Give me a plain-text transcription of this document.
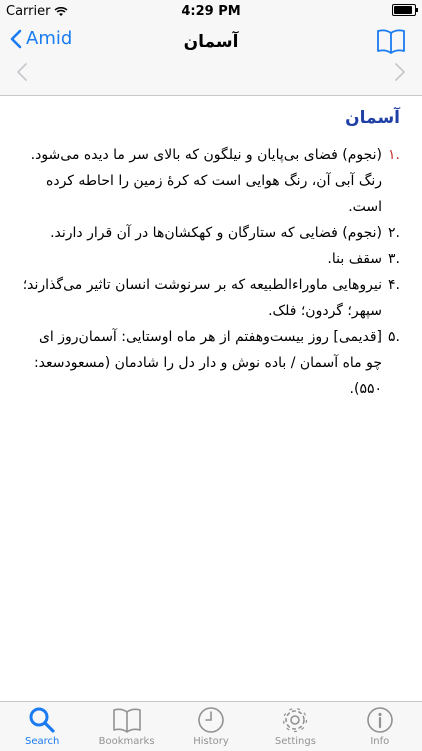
Carrier	4:29 PM
Amid	آسمان
آسمان
.۱
(نجوم) فضای بی‌پایان و نیلگون که بالای سر ما دیده می‌شود. رنگ آبی آن، رنگ هوایی است که کرهٔ زمین را احاطه کرده است.
.۲
(نجوم) فضایی که ستارگان و کهکشان‌ها در آن قرار دارند.
.۳
سقف بنا.
.۴
نیروهایی ماوراءالطبیعه که بر سرنوشت انسان تاثیر می‌گذارند؛ سپهر؛ گردون؛ فلک.
.۵
[قدیمی] روز بیست‌وهفتم از هر ماه اوستایی: آسمان‌روز ای چو ماه آسمان / باده نوش و دار دل را شادمان (مسعودسعد: ۵۵۰).
Search	Bookmarks	History	Settings	Info
